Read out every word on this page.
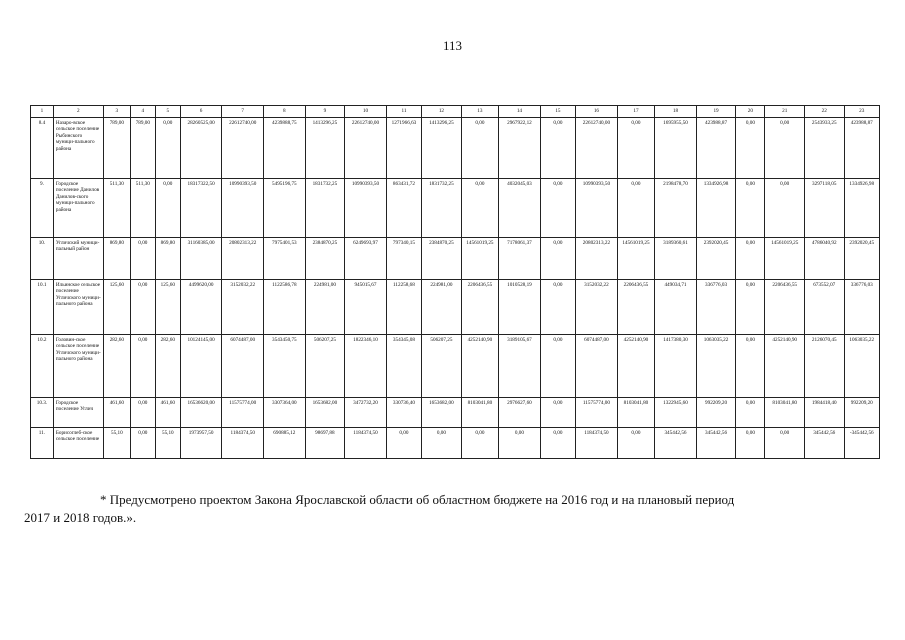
113
1	2	3	4	5	6	7	8	9	10	11	12	13	14	15	16	17	18	19	20	21	22	23
8.4	Назаро-вское сельское поселение Рыбинского муници-пального района	789,00	789,00	0,00	28260525,00	22612740,00	4239888,75	1413296,25	22612740,00	1271966,63	1413296,25	0,00	2967922,12	0,00	22612740,00	0,00	1695955,50	423988,87	0,00	0,00	2543933,25	423988,87
9.	Городское поселение Данилов Данилов-ского муници-пального района	511,30	511,30	0,00	18317322,50	10990393,50	5495196,75	1831732,25	10990393,50	863431,72	1831732,25	0,00	4032045,03	0,00	10990393,50	0,00	2198478,70	1334926,98	0,00	0,00	3297118,05	1334926,98
10.	Угличский муници-пальный район	869,80	0,00	869,80	31160385,00	20802313,22	7975401,53	2384870,25	6249693,97	797340,15	2384870,25	14561019,25	7178061,37	0,00	20802313,22	14561019,25	3189360,61	2392020,45	0,00	14561019,25	4786040,92	2392020,45
10.1	Ильинское сельское поселение Угличского муници-пального района	125,60	0,00	125,60	4499620,00	3152032,22	1122586,78	224981,00	945015,67	112258,68	224981,00	2206436,55	1010528,19	0,00	3152032,22	2206436,55	449034,71	336776,03	0,00	2206436,55	673552,07	336776,03
10.2	Головин-ское сельское поселение Угличского муници-пального района	282,60	0,00	282,60	10124145,00	6074487,00	3543450,75	506207,25	1822346,10	354345,08	506207,25	4252140,90	3189105,67	0,00	6074487,00	4252140,90	1417380,30	1063035,22	0,00	4252140,90	2126070,45	1063035,22
10.3.	Городское поселение Углич	461,60	0,00	461,60	16536620,00	11575774,00	3307364,00	1653682,00	3472732,20	330736,40	1653682,00	8103041,80	2976627,60	0,00	11575774,00	8103041,80	1322945,60	992209,20	0,00	8103041,80	1984418,40	992209,20
11.	Борисоглеб-ское сельское поселение	55,10	0,00	55,10	1973957,50	1184374,50	690885,12	98697,88	1184374,50	0,00	0,00	0,00	0,00	0,00	1184374,50	0,00	345442,56	345442,56	0,00	0,00	345442,56	-345442,56

* Предусмотрено проектом Закона Ярославской области об областном бюджете на 2016 год и на плановый период
2017 и 2018 годов.».
